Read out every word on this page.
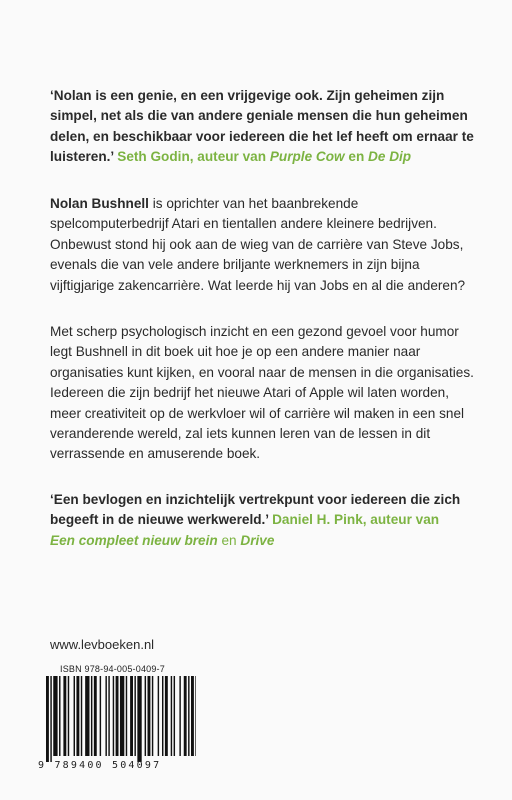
‘Nolan is een genie, en een vrijgevige ook. Zijn geheimen zijn simpel, net als die van andere geniale mensen die hun geheimen delen, en beschikbaar voor iedereen die het lef heeft om ernaar te luisteren.’ Seth Godin, auteur van Purple Cow en De Dip
Nolan Bushnell is oprichter van het baanbrekende spelcomputerbedrijf Atari en tientallen andere kleinere bedrijven. Onbewust stond hij ook aan de wieg van de carrière van Steve Jobs, evenals die van vele andere briljante werknemers in zijn bijna vijftigjarige zakencarrière. Wat leerde hij van Jobs en al die anderen?
Met scherp psychologisch inzicht en een gezond gevoel voor humor legt Bushnell in dit boek uit hoe je op een andere manier naar organisaties kunt kijken, en vooral naar de mensen in die organisaties. Iedereen die zijn bedrijf het nieuwe Atari of Apple wil laten worden, meer creativiteit op de werkvloer wil of carrière wil maken in een snel veranderende wereld, zal iets kunnen leren van de lessen in dit verrassende en amuserende boek.
‘Een bevlogen en inzichtelijk vertrekpunt voor iedereen die zich begeeft in de nieuwe werkwereld.’ Daniel H. Pink, auteur van
Een compleet nieuw brein en Drive
www.levboeken.nl
ISBN 978-94-005-0409-7
9 789400 504097
